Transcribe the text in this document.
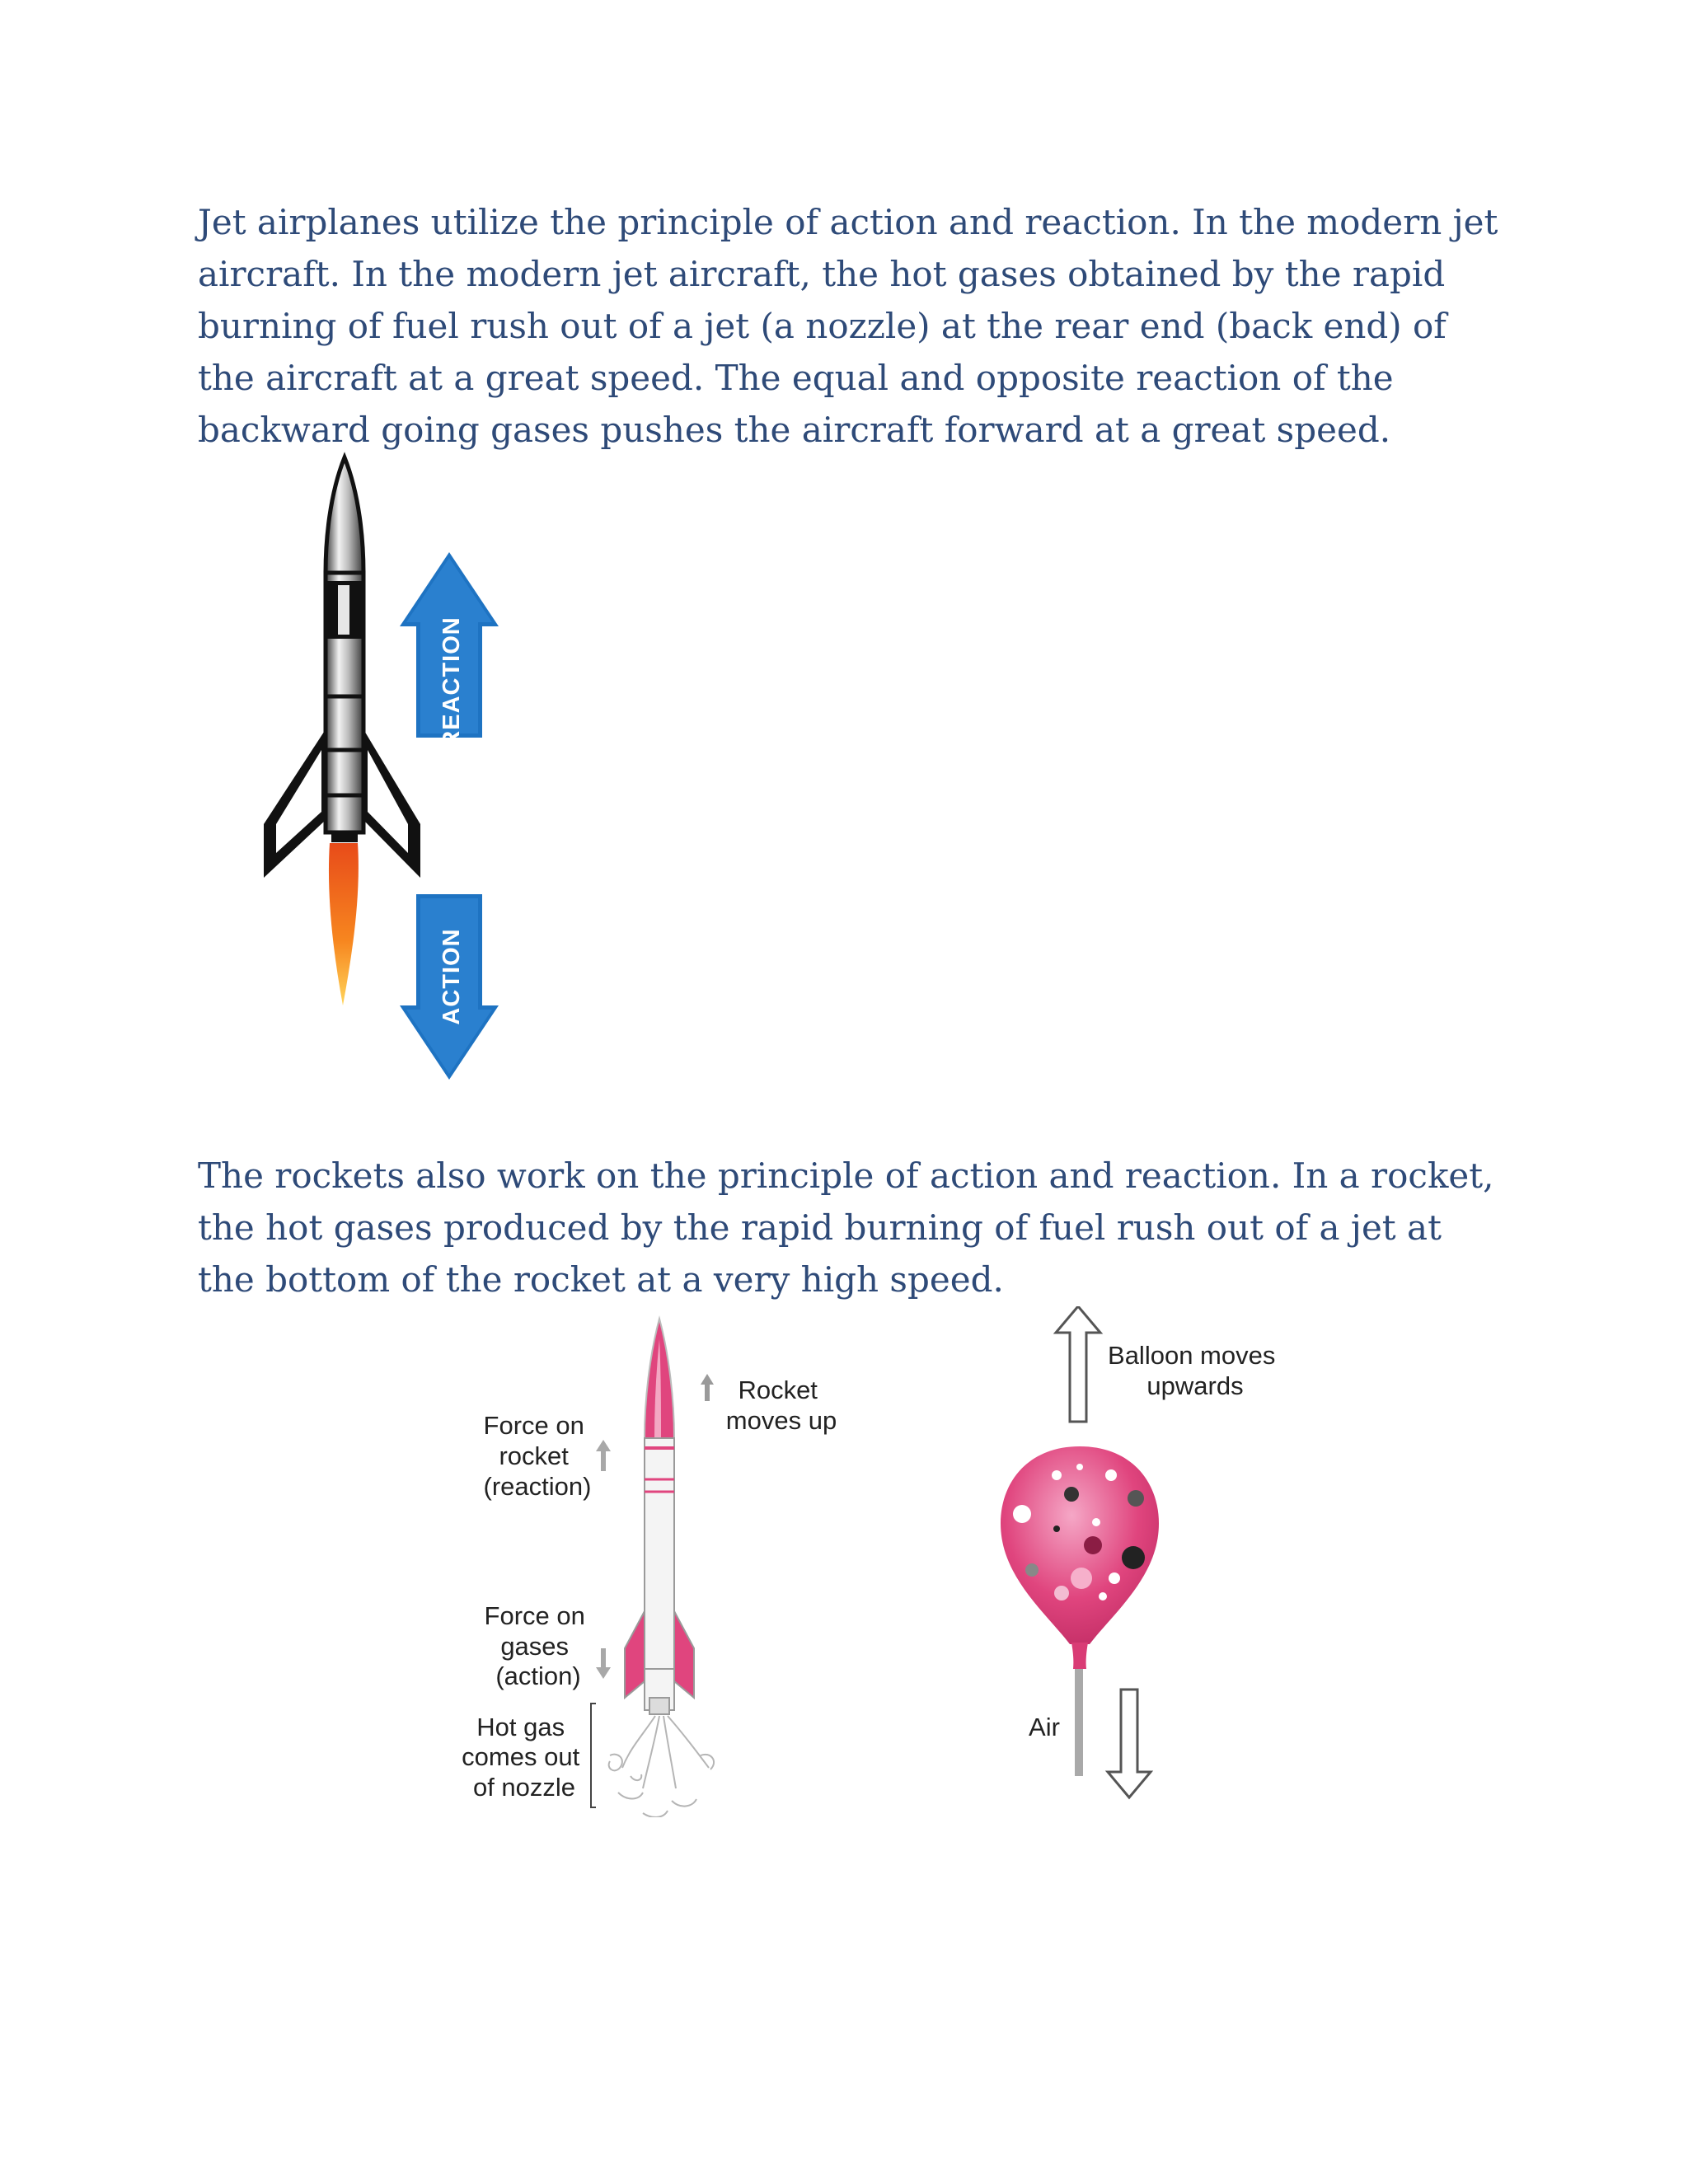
Jet airplanes utilize the principle of action and reaction. In the modern jet aircraft. In the modern jet aircraft, the hot gases obtained by the rapid burning of fuel rush out of a jet (a nozzle) at the rear end (back end) of the aircraft at a great speed. The equal and opposite reaction of the backward going gases pushes the aircraft forward at a great speed.

REACTION
ACTION

The rockets also work on the principle of action and reaction. In a rocket, the hot gases produced by the rapid burning of fuel rush out of a jet at the bottom of the rocket at a very high speed.

Rocket moves up
Force on rocket (reaction)
Force on gases (action)
Hot gas comes out of nozzle
Balloon moves upwards
Air
